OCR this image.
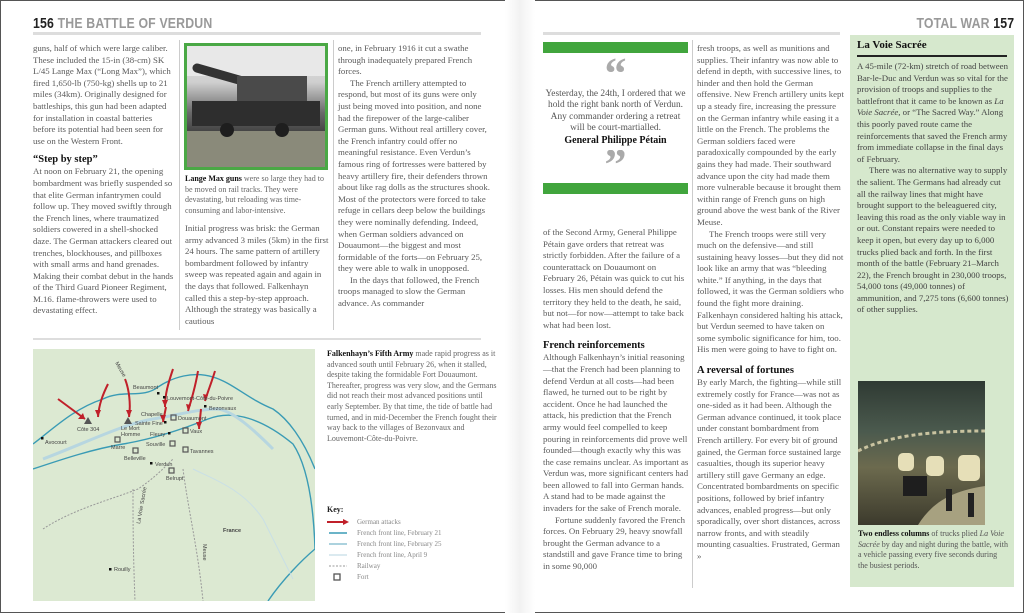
156 THE BATTLE OF VERDUN	TOTAL WAR 157

guns, half of which were large caliber. These included the 15-in (38-cm) SK L/45 Lange Max (“Long Max”), which fired 1,650-lb (750-kg) shells up to 21 miles (34km). Originally designed for battleships, this gun had been adapted for installation in coastal batteries before its potential had been seen for use on the Western Front.

“Step by step”

At noon on February 21, the opening bombardment was briefly suspended so that elite German infantrymen could follow up. They moved swiftly through the French lines, where traumatized soldiers cowered in a shell-shocked daze. The German attackers cleared out trenches, blockhouses, and pillboxes with small arms and hand grenades. Making their combat debut in the hands of the Third Guard Pioneer Regiment, M.16. flame-throwers were used to devastating effect.

Lange Max guns were so large they had to be moved on rail tracks. They were devastating, but reloading was time-consuming and labor-intensive.

Initial progress was brisk: the German army advanced 3 miles (5km) in the first 24 hours. The same pattern of artillery bombardment followed by infantry sweep was repeated again and again in the days that followed. Falkenhayn called this a step-by-step approach. Although the strategy was basically a cautious

one, in February 1916 it cut a swathe through inadequately prepared French forces.

The French artillery attempted to respond, but most of its guns were only just being moved into position, and none had the firepower of the large-caliber German guns. Without real artillery cover, the French infantry could offer no meaningful resistance. Even Verdun’s famous ring of fortresses were battered by heavy artillery fire, their defenders thrown about like rag dolls as the structures shook. Most of the protectors were forced to take refuge in cellars deep below the buildings they were nominally defending. Indeed, when German soldiers advanced on Douaumont—the biggest and most formidable of the forts—on February 25, they were able to walk in unopposed.

In the days that followed, the French troops managed to slow the German advance. As commander

Meuse
Beaumont
Louvemont-Côte-du-Poivre
Bezonvaux
Chapelle
Sainte Fine
Douaumont
Fleury	Vaux
Souville
Tavannes
Marre
Belleville
Verdun
Belrupt
Côte 304	Le Mort
Homme
Avocourt
La Voie Sacrée
Meuse
France
Rouilly
Falkenhayn’s Fifth Army made rapid progress as it advanced south until February 26, when it stalled, despite taking the formidable Fort Douaumont. Thereafter, progress was very slow, and the Germans did not reach their most advanced positions until early September. By that time, the tide of battle had turned, and in mid-December the French fought their way back to the villages of Bezonvaux and Louvemont-Côte-du-Poivre.
Key:
German attacks
French front line, February 21
French front line, February 25
French front line, April 9
Railway
Fort
“
Yesterday, the 24th, I ordered that we hold the right bank north of Verdun. Any commander ordering a retreat will be court-martialled.
General Philippe Pétain
”

of the Second Army, General Philippe Pétain gave orders that retreat was strictly forbidden. After the failure of a counterattack on Douaumont on February 26, Pétain was quick to cut his losses. His men should defend the territory they held to the death, he said, but not—for now—attempt to take back what had been lost.

French reinforcements

Although Falkenhayn’s initial reasoning—that the French had been planning to defend Verdun at all costs—had been flawed, he turned out to be right by accident. Once he had launched the attack, his prediction that the French army would feel compelled to keep pouring in reinforcements did prove well founded—though exactly why this was the case remains unclear. As important as Verdun was, more significant centers had been allowed to fall into German hands. A stand had to be made against the invaders for the sake of French morale.

Fortune suddenly favored the French forces. On February 29, heavy snowfall brought the German advance to a standstill and gave France time to bring in some 90,000

fresh troops, as well as munitions and supplies. Their infantry was now able to defend in depth, with successive lines, to hinder and then hold the German offensive. New French artillery units kept up a steady fire, increasing the pressure on the German infantry while easing it a little on the French. The problems the German soldiers faced were paradoxically compounded by the early gains they had made. Their southward advance upon the city had made them more vulnerable because it brought them within range of French guns on high ground above the west bank of the River Meuse.

The French troops were still very much on the defensive—and still sustaining heavy losses—but they did not look like an army that was “bleeding white.” If anything, in the days that followed, it was the German soldiers who found the fight more draining. Falkenhayn considered halting his attack, but Verdun seemed to have taken on some symbolic significance for him, too. His men were going to have to fight on.

A reversal of fortunes

By early March, the fighting—while still extremely costly for France—was not as one-sided as it had been. Although the German advance continued, it took place under constant bombardment from French artillery. For every bit of ground gained, the German force sustained large casualties, though its superior heavy artillery still gave Germany an edge. Concentrated bombardments on specific positions, followed by brief infantry advances, enabled progress—but only sporadically, over short distances, across narrow fronts, and with steadily mounting casualties. Frustrated, German »

La Voie Sacrée

A 45-mile (72-km) stretch of road between Bar-le-Duc and Verdun was so vital for the provision of troops and supplies to the battlefront that it came to be known as La Voie Sacrée, or “The Sacred Way.” Along this poorly paved route came the reinforcements that saved the French army from immediate collapse in the final days of February.

There was no alternative way to supply the salient. The Germans had already cut all the railway lines that might have brought support to the beleaguered city, leaving this road as the only viable way in or out. Constant repairs were needed to keep it open, but every day up to 6,000 trucks plied back and forth. In the first month of the battle (February 21–March 22), the French brought in 230,000 troops, 54,000 tons (49,000 tonnes) of ammunition, and 7,275 tons (6,600 tonnes) of other supplies.

Two endless columns of trucks plied La Voie Sacrée by day and night during the battle, with a vehicle passing every five seconds during the busiest periods.
